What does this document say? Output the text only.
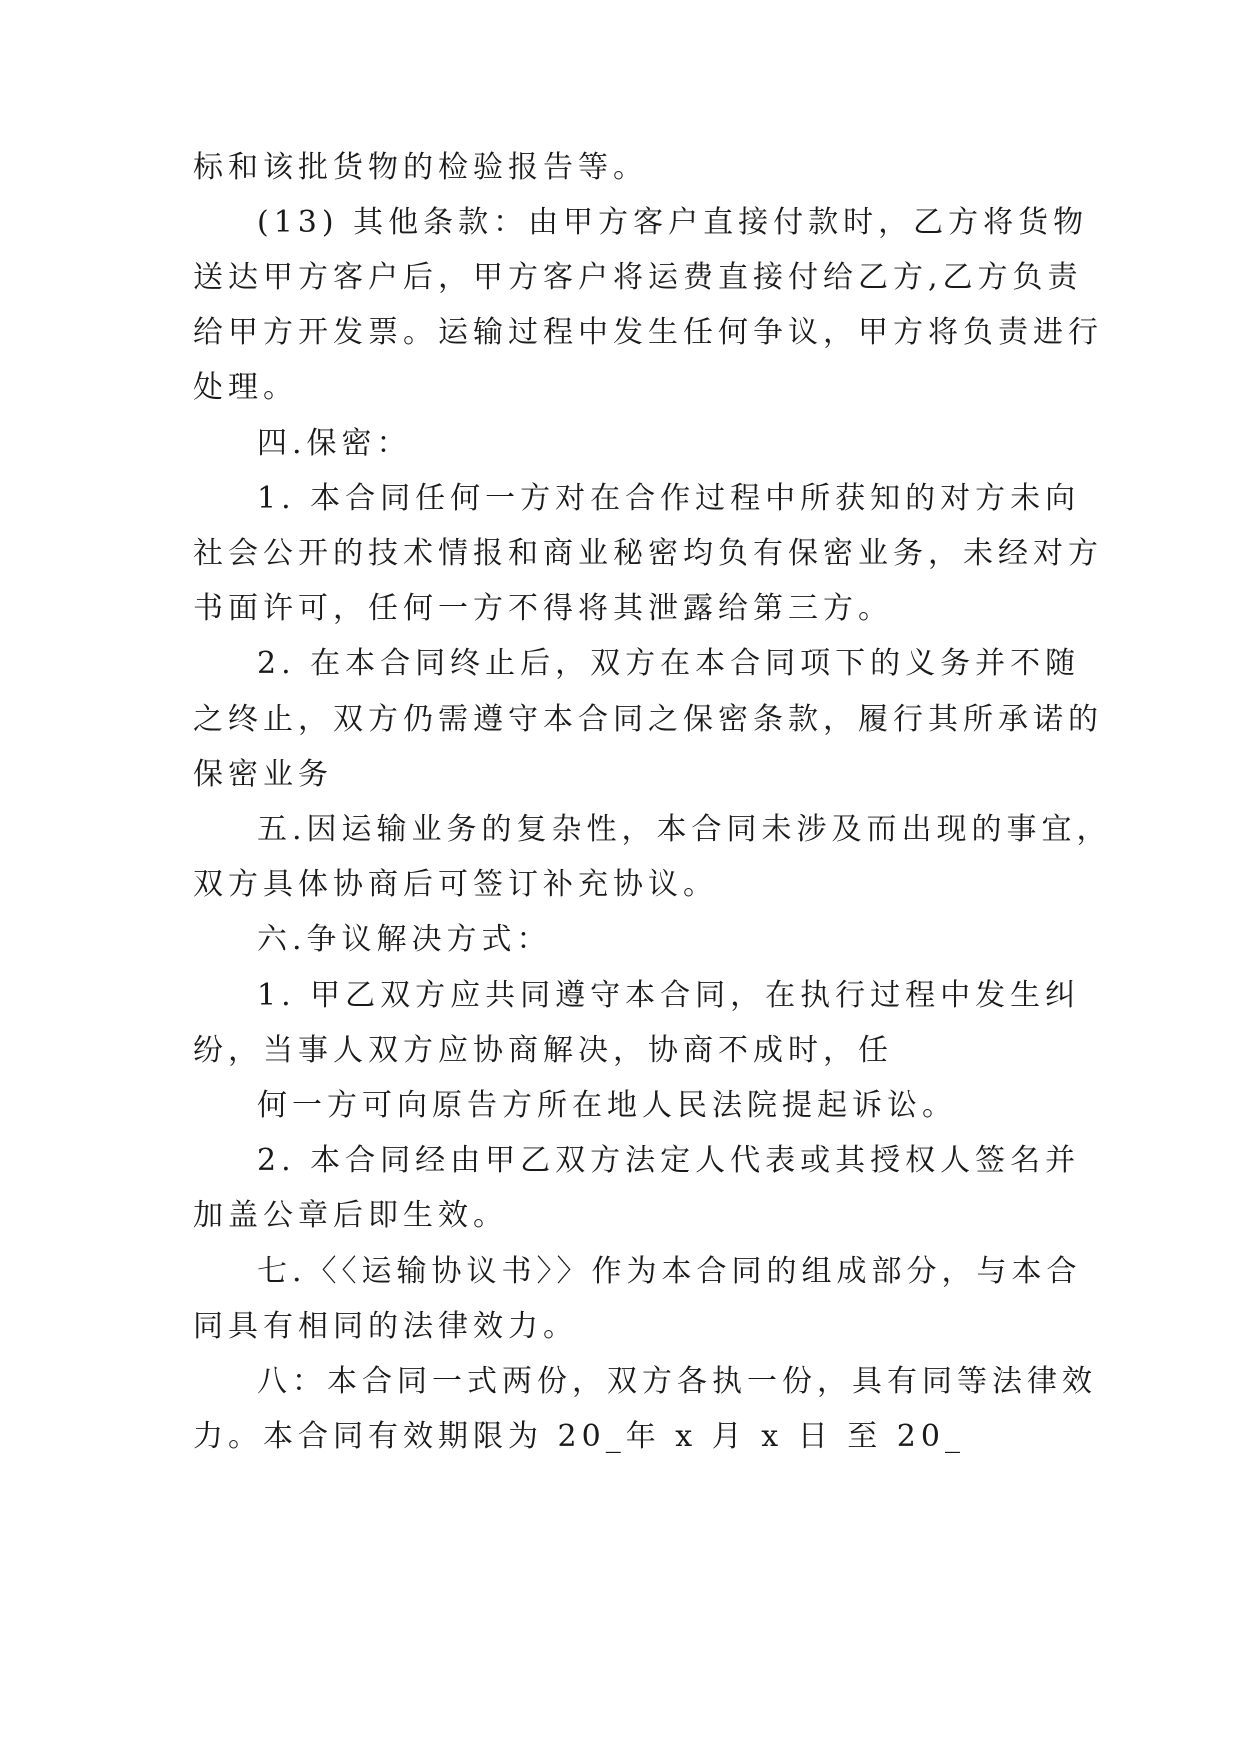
标和该批货物的检验报告等。

(13) 其他条款：由甲方客户直接付款时，乙方将货物

送达甲方客户后，甲方客户将运费直接付给乙方,乙方负责

给甲方开发票。运输过程中发生任何争议，甲方将负责进行

处理。

四.保密：

1. 本合同任何一方对在合作过程中所获知的对方未向

社会公开的技术情报和商业秘密均负有保密业务，未经对方

书面许可，任何一方不得将其泄露给第三方。

2. 在本合同终止后，双方在本合同项下的义务并不随

之终止，双方仍需遵守本合同之保密条款，履行其所承诺的

保密业务

五.因运输业务的复杂性，本合同未涉及而出现的事宜，

双方具体协商后可签订补充协议。

六.争议解决方式：

1. 甲乙双方应共同遵守本合同，在执行过程中发生纠

纷，当事人双方应协商解决，协商不成时，任

何一方可向原告方所在地人民法院提起诉讼。

2. 本合同经由甲乙双方法定人代表或其授权人签名并

加盖公章后即生效。

七.〈〈运输协议书〉〉作为本合同的组成部分，与本合

同具有相同的法律效力。

八：本合同一式两份，双方各执一份，具有同等法律效

力。本合同有效期限为 20_年 x 月 x 日 至 20_
